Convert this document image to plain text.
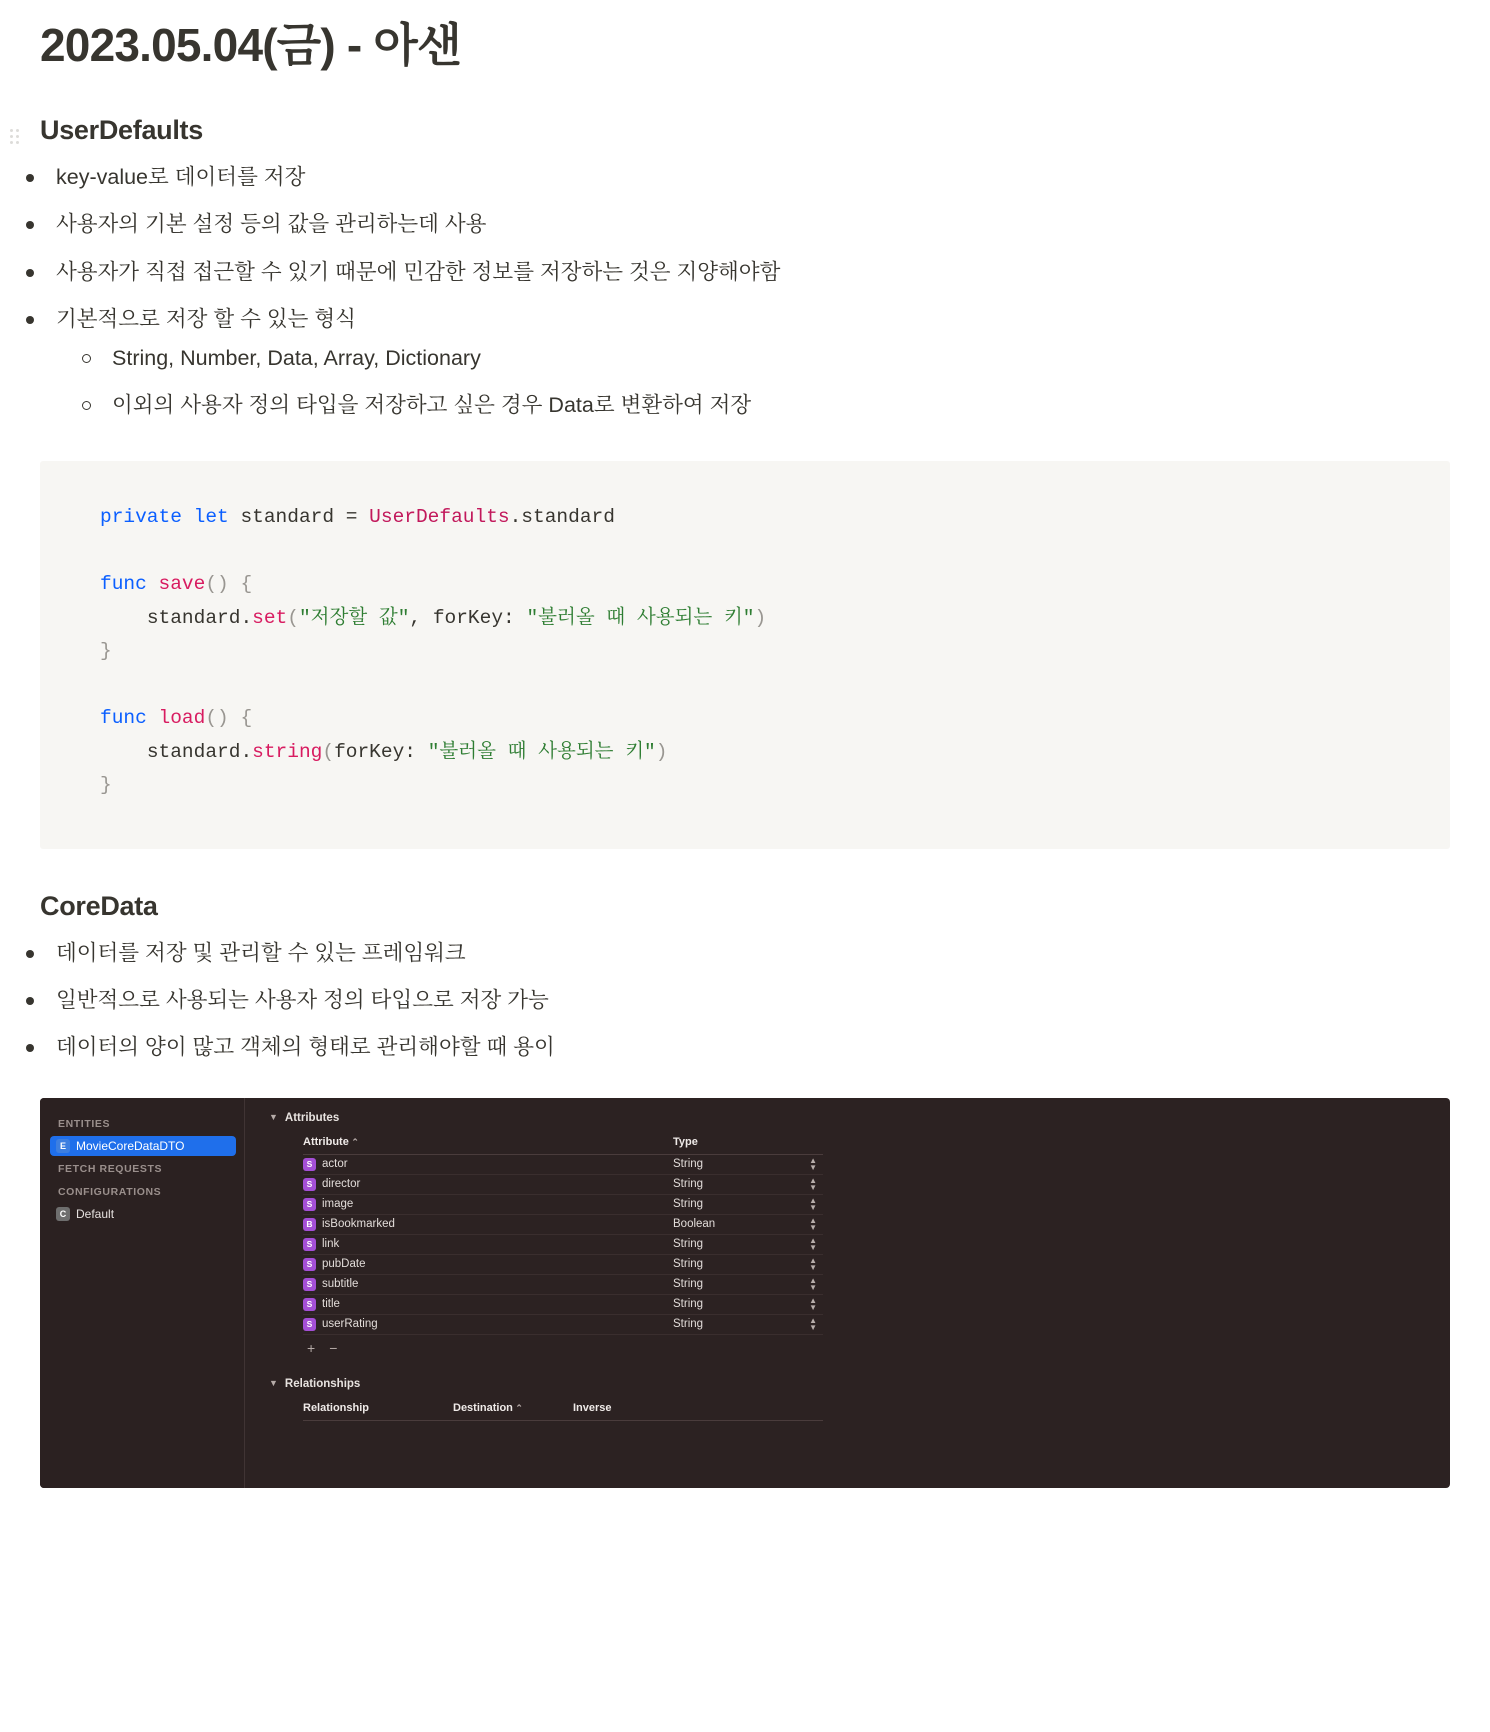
2023.05.04(금) - 아샌
UserDefaults
key-value로 데이터를 저장
사용자의 기본 설정 등의 값을 관리하는데 사용
사용자가 직접 접근할 수 있기 때문에 민감한 정보를 저장하는 것은 지양해야함
기본적으로 저장 할 수 있는 형식
String, Number, Data, Array, Dictionary
이외의 사용자 정의 타입을 저장하고 싶은 경우 Data로 변환하여 저장
private let standard = UserDefaults.standard

func save() {
standard.set("저장할 값", forKey: "불러올 때 사용되는 키")
}

func load() {
standard.string(forKey: "불러올 때 사용되는 키")
}
CoreData
데이터를 저장 및 관리할 수 있는 프레임워크
일반적으로 사용되는 사용자 정의 타입으로 저장 가능
데이터의 양이 많고 객체의 형태로 관리해야할 때 용이
ENTITIES
E MovieCoreDataDTO
FETCH REQUESTS
CONFIGURATIONS
C Default
▼ Attributes
Attribute ⌃	Type

S actor	String ▲
▼

S director	String ▲
▼

S image	String ▲
▼

B isBookmarked	Boolean ▲
▼

S link	String ▲
▼

S pubDate	String ▲
▼

S subtitle	String ▲
▼

S title	String ▲
▼

S userRating	String ▲
▼
+ −
▼ Relationships
Relationship	Destination ⌃	Inverse
